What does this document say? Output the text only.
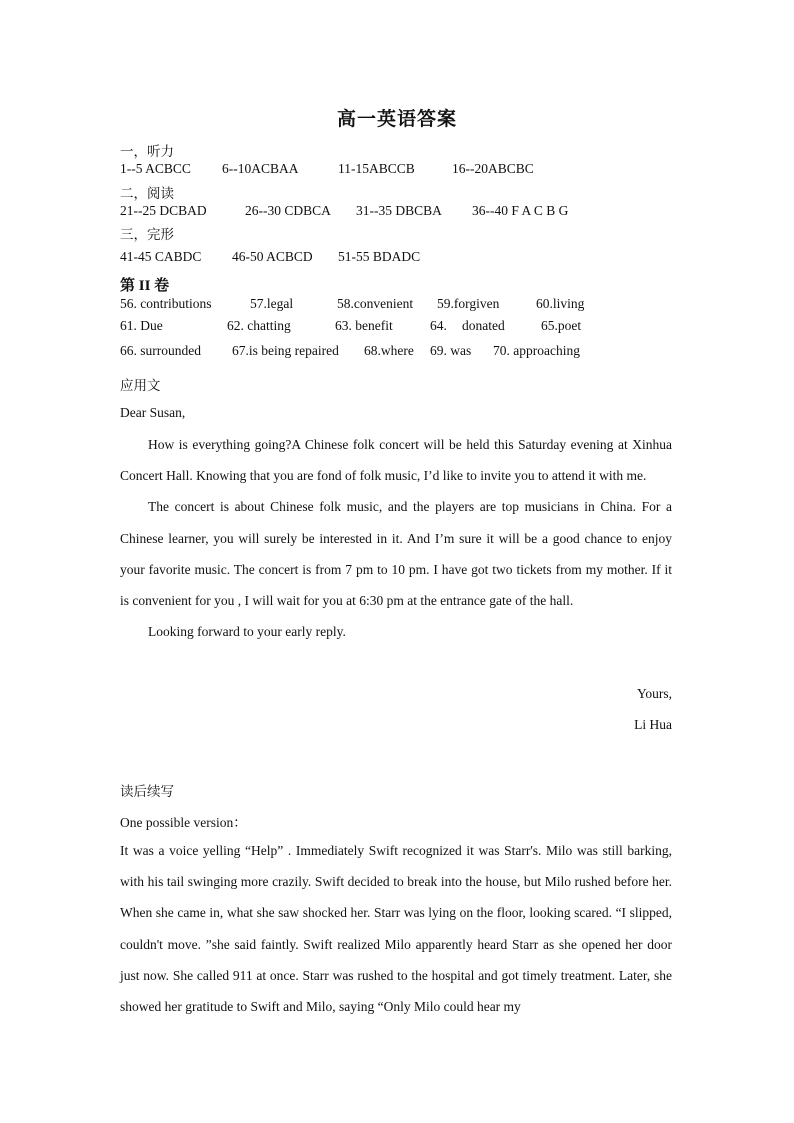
高一英语答案
一，听力
1--5 ACBCC 6--10ACBAA	11-15ABCCB	16--20ABCBC
二，阅读
21--25 DCBAD	26--30 CDBCA 31--35 DBCBA 36--40 F A C B G
三，完形
41-45 CABDC 46-50 ACBCD 51-55 BDADC
第 II 卷
56. contributions	57.legal	58.convenient 59.forgiven	60.living
61. Due	62. chatting	63. benefit	64. donated	65.poet
66. surrounded 67.is being repaired 68.where 69. was 70. approaching
应用文
Dear Susan,

How is everything going?A Chinese folk concert will be held this Saturday evening at Xinhua Concert Hall. Knowing that you are fond of folk music, I’d like to invite you to attend it with me.

The concert is about Chinese folk music, and the players are top musicians in China. For a Chinese learner, you will surely be interested in it. And I’m sure it will be a good chance to enjoy your favorite music. The concert is from 7 pm to 10 pm. I have got two tickets from my mother. If it is convenient for you , I will wait for you at 6:30 pm at the entrance gate of the hall.

Looking forward to your early reply.

Yours,
Li Hua
读后续写
One possible version：
It was a voice yelling “Help” . Immediately Swift recognized it was Starr's. Milo was still barking, with his tail swinging more crazily. Swift decided to break into the house, but Milo rushed before her. When she came in, what she saw shocked her. Starr was lying on the floor, looking scared. “I slipped, couldn't move. ”she said faintly. Swift realized Milo apparently heard Starr as she opened her door just now. She called 911 at once. Starr was rushed to the hospital and got timely treatment. Later, she showed her gratitude to Swift and Milo, saying “Only Milo could hear my
